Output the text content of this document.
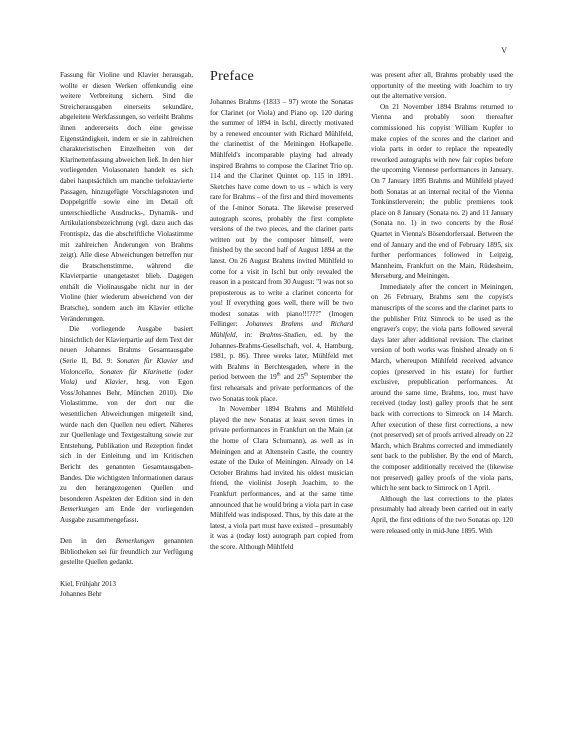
V

Fassung für Violine und Klavier herausgab, wollte er diesen Werken offenkundig eine weitere Verbreitung sichern. Sind die Streicherausgaben einerseits sekundäre, abgeleitete Werkfassungen, so verleiht Brahms ihnen andererseits doch eine gewisse Eigenständigkeit, indem er sie in zahlreichen charakteristischen Einzelheiten von der Klarinettenfassung abweichen ließ. In den hier vorliegenden Violasonaten handelt es sich dabei hauptsächlich um manche tiefoktavierte Passagen, hinzugefügte Vorschlagsnoten und Doppelgriffe sowie eine im Detail oft unterschiedliche Ausdrucks-, Dynamik- und Artikulationsbezeichnung (vgl. dazu auch das Frontispiz, das die abschriftliche Violastimme mit zahlreichen Änderungen von Brahms zeigt). Alle diese Abweichungen betreffen nur die Bratschenstimme, während die Klavierpartie unangetastet blieb. Dagegen enthält die Violinausgabe nicht nur in der Violine (hier wiederum abweichend von der Bratsche), sondern auch im Klavier etliche Veränderungen.

Die vorliegende Ausgabe basiert hinsichtlich der Klavierpartie auf dem Text der neuen Johannes Brahms Gesamtausgabe (Serie II, Bd. 9: Sonaten für Klavier und Violoncello, Sonaten für Klarinette (oder Viola) und Klavier, hrsg. von Egon Voss/Johannes Behr, München 2010). Die Violastimme, von der dort nur die wesentlichen Abweichungen mitgeteilt sind, wurde nach den Quellen neu ediert. Näheres zur Quellenlage und Textgestaltung sowie zur Entstehung, Publikation und Rezeption findet sich in der Einleitung und im Kritischen Bericht des genannten Gesamtausgaben-Bandes. Die wichtigsten Informationen daraus zu den herangezogenen Quellen und besonderen Aspekten der Edition sind in den Bemerkungen am Ende der vorliegenden Ausgabe zusammengefasst.

Den in den Bemerkungen genannten Bibliotheken sei für freundlich zur Verfügung gestellte Quellen gedankt.

Kiel, Frühjahr 2013

Johannes Behr

Preface

Johannes Brahms (1833 – 97) wrote the Sonatas for Clarinet (or Viola) and Piano op. 120 during the summer of 1894 in Ischl, directly motivated by a renewed encounter with Richard Mühlfeld, the clarinettist of the Meiningen Hofkapelle. Mühlfeld's incomparable playing had already inspired Brahms to compose the Clarinet Trio op. 114 and the Clarinet Quintet op. 115 in 1891. Sketches have come down to us – which is very rare for Brahms – of the first and third movements of the f-minor Sonata. The likewise preserved autograph scores, probably the first complete versions of the two pieces, and the clarinet parts written out by the composer himself, were finished by the second half of August 1894 at the latest. On 26 August Brahms invited Mühlfeld to come for a visit in Ischl but only revealed the reason in a postcard from 30 August: "I was not so preposterous as to write a clarinet concerto for you! If everything goes well, there will be two modest sonatas with piano!!!???" (Imogen Fellinger: Johannes Brahms und Richard Mühlfeld, in: Brahms-Studien, ed. by the Johannes-Brahms-Gesellschaft, vol. 4, Hamburg, 1981, p. 86). Three weeks later, Mühlfeld met with Brahms in Berchtesgaden, where in the period between the 19th and 25th September the first rehearsals and private performances of the two Sonatas took place.

In November 1894 Brahms and Mühlfeld played the new Sonatas at least seven times in private performances in Frankfurt on the Main (at the home of Clara Schumann), as well as in Meiningen and at Altenstein Castle, the country estate of the Duke of Meiningen. Already on 14 October Brahms had invited his oldest musician friend, the violinist Joseph Joachim, to the Frankfurt performances, and at the same time announced that he would bring a viola part in case Mühlfeld was indisposed. Thus, by this date at the latest, a viola part must have existed – presumably it was a (today lost) autograph part copied from the score. Although Mühlfeld

was present after all, Brahms probably used the opportunity of the meeting with Joachim to try out the alternative version.

On 21 November 1894 Brahms returned to Vienna and probably soon thereafter commissioned his copyist William Kupfer to make copies of the scores and the clarinet and viola parts in order to replace the repeatedly reworked autographs with new fair copies before the upcoming Viennese performances in January. On 7 January 1895 Brahms and Mühlfeld played both Sonatas at an internal recital of the Vienna Tonkünstlerverein; the public premieres took place on 8 January (Sonata no. 2) and 11 January (Sonata no. 1) in two concerts by the Rosé Quartet in Vienna's Bösendorfersaal. Between the end of January and the end of February 1895, six further performances followed in Leipzig, Mannheim, Frankfurt on the Main, Rüdesheim, Merseburg, and Meiningen.

Immediately after the concert in Meiningen, on 26 February, Brahms sent the copyist's manuscripts of the scores and the clarinet parts to the publisher Fritz Simrock to be used as the engraver's copy; the viola parts followed several days later after additional revision. The clarinet version of both works was finished already on 6 March, whereupon Mühlfeld received advance copies (preserved in his estate) for further exclusive, prepublication performances. At around the same time, Brahms, too, must have received (today lost) galley proofs that he sent back with corrections to Simrock on 14 March. After execution of these first corrections, a new (not preserved) set of proofs arrived already on 22 March, which Brahms corrected and immediately sent back to the publisher. By the end of March, the composer additionally received the (likewise not preserved) galley proofs of the viola parts, which he sent back to Simrock on 1 April.

Although the last corrections to the plates presumably had already been carried out in early April, the first editions of the two Sonatas op. 120 were released only in mid-June 1895. With
